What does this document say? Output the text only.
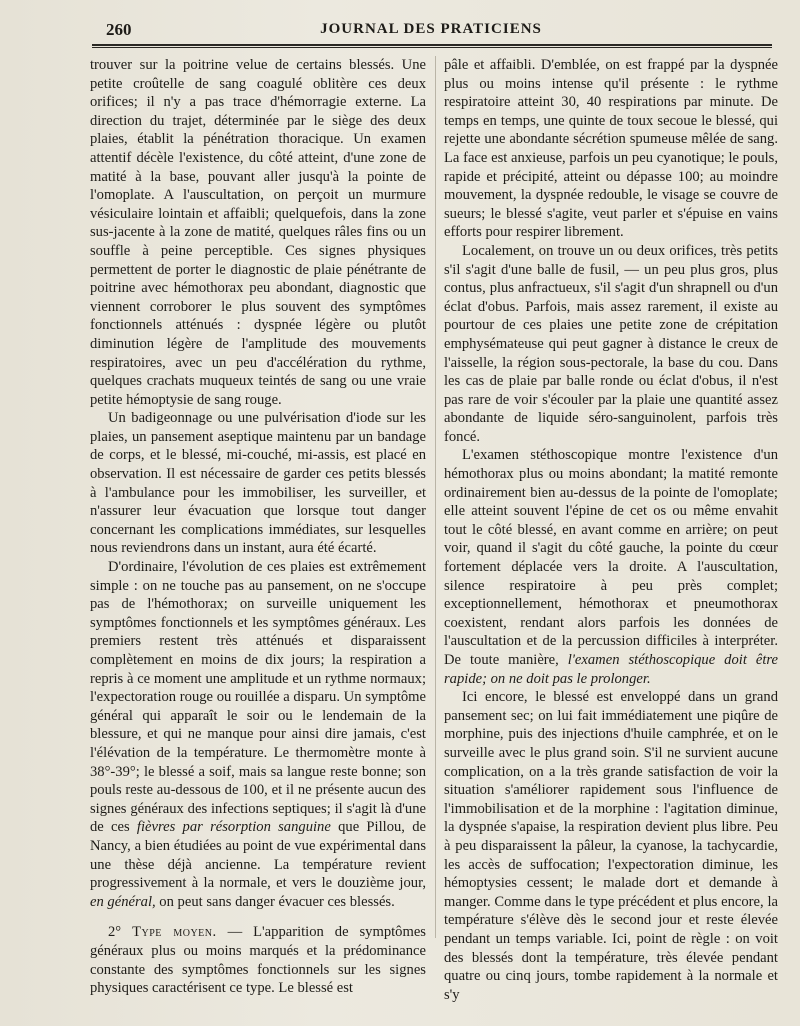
260	JOURNAL DES PRATICIENS

trouver sur la poitrine velue de certains blessés. Une petite croûtelle de sang coagulé oblitère ces deux orifices; il n'y a pas trace d'hémorragie externe. La direction du trajet, déterminée par le siège des deux plaies, établit la pénétration thoracique. Un examen attentif décèle l'existence, du côté atteint, d'une zone de matité à la base, pouvant aller jusqu'à la pointe de l'omoplate. A l'auscultation, on perçoit un murmure vésiculaire lointain et affaibli; quelquefois, dans la zone sus-jacente à la zone de matité, quelques râles fins ou un souffle à peine perceptible. Ces signes physiques permettent de porter le diagnostic de plaie pénétrante de poitrine avec hémothorax peu abondant, diagnostic que viennent corroborer le plus souvent des symptômes fonctionnels atténués : dyspnée légère ou plutôt diminution légère de l'amplitude des mouvements respiratoires, avec un peu d'accélération du rythme, quelques crachats muqueux teintés de sang ou une vraie petite hémoptysie de sang rouge.

Un badigeonnage ou une pulvérisation d'iode sur les plaies, un pansement aseptique maintenu par un bandage de corps, et le blessé, mi-couché, mi-assis, est placé en observation. Il est nécessaire de garder ces petits blessés à l'ambulance pour les immobiliser, les surveiller, et n'assurer leur évacuation que lorsque tout danger concernant les complications immédiates, sur lesquelles nous reviendrons dans un instant, aura été écarté.

D'ordinaire, l'évolution de ces plaies est extrêmement simple : on ne touche pas au pansement, on ne s'occupe pas de l'hémothorax; on surveille uniquement les symptômes fonctionnels et les symptômes généraux. Les premiers restent très atténués et disparaissent complètement en moins de dix jours; la respiration a repris à ce moment une amplitude et un rythme normaux; l'expectoration rouge ou rouillée a disparu. Un symptôme général qui apparaît le soir ou le lendemain de la blessure, et qui ne manque pour ainsi dire jamais, c'est l'élévation de la température. Le thermomètre monte à 38°-39°; le blessé a soif, mais sa langue reste bonne; son pouls reste au-dessous de 100, et il ne présente aucun des signes généraux des infections septiques; il s'agit là d'une de ces fièvres par résorption sanguine que Pillou, de Nancy, a bien étudiées au point de vue expérimental dans une thèse déjà ancienne. La température revient progressivement à la normale, et vers le douzième jour, en général, on peut sans danger évacuer ces blessés.

2° Type moyen. — L'apparition de symptômes généraux plus ou moins marqués et la prédominance constante des symptômes fonctionnels sur les signes physiques caractérisent ce type. Le blessé est

pâle et affaibli. D'emblée, on est frappé par la dyspnée plus ou moins intense qu'il présente : le rythme respiratoire atteint 30, 40 respirations par minute. De temps en temps, une quinte de toux secoue le blessé, qui rejette une abondante sécrétion spumeuse mêlée de sang. La face est anxieuse, parfois un peu cyanotique; le pouls, rapide et précipité, atteint ou dépasse 100; au moindre mouvement, la dyspnée redouble, le visage se couvre de sueurs; le blessé s'agite, veut parler et s'épuise en vains efforts pour respirer librement.

Localement, on trouve un ou deux orifices, très petits s'il s'agit d'une balle de fusil, — un peu plus gros, plus contus, plus anfractueux, s'il s'agit d'un shrapnell ou d'un éclat d'obus. Parfois, mais assez rarement, il existe au pourtour de ces plaies une petite zone de crépitation emphysémateuse qui peut gagner à distance le creux de l'aisselle, la région sous-pectorale, la base du cou. Dans les cas de plaie par balle ronde ou éclat d'obus, il n'est pas rare de voir s'écouler par la plaie une quantité assez abondante de liquide séro-sanguinolent, parfois très foncé.

L'examen stéthoscopique montre l'existence d'un hémothorax plus ou moins abondant; la matité remonte ordinairement bien au-dessus de la pointe de l'omoplate; elle atteint souvent l'épine de cet os ou même envahit tout le côté blessé, en avant comme en arrière; on peut voir, quand il s'agit du côté gauche, la pointe du cœur fortement déplacée vers la droite. A l'auscultation, silence respiratoire à peu près complet; exceptionnellement, hémothorax et pneumothorax coexistent, rendant alors parfois les données de l'auscultation et de la percussion difficiles à interpréter. De toute manière, l'examen stéthoscopique doit être rapide; on ne doit pas le prolonger.

Ici encore, le blessé est enveloppé dans un grand pansement sec; on lui fait immédiatement une piqûre de morphine, puis des injections d'huile camphrée, et on le surveille avec le plus grand soin. S'il ne survient aucune complication, on a la très grande satisfaction de voir la situation s'améliorer rapidement sous l'influence de l'immobilisation et de la morphine : l'agitation diminue, la dyspnée s'apaise, la respiration devient plus libre. Peu à peu disparaissent la pâleur, la cyanose, la tachycardie, les accès de suffocation; l'expectoration diminue, les hémoptysies cessent; le malade dort et demande à manger. Comme dans le type précédent et plus encore, la température s'élève dès le second jour et reste élevée pendant un temps variable. Ici, point de règle : on voit des blessés dont la température, très élevée pendant quatre ou cinq jours, tombe rapidement à la normale et s'y
